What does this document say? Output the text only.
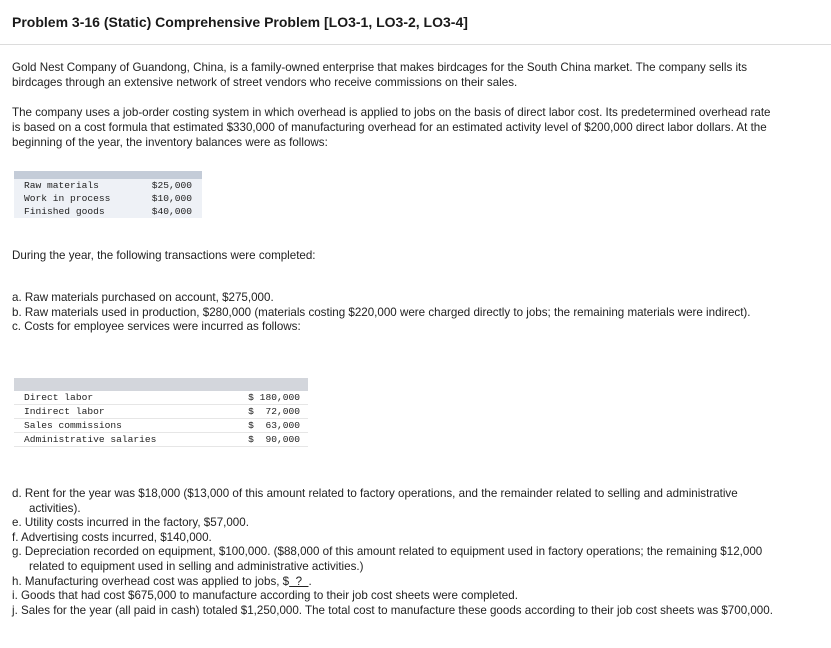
Problem 3-16 (Static) Comprehensive Problem [LO3-1, LO3-2, LO3-4]

Gold Nest Company of Guandong, China, is a family-owned enterprise that makes birdcages for the South China market. The company sells its birdcages through an extensive network of street vendors who receive commissions on their sales.

The company uses a job-order costing system in which overhead is applied to jobs on the basis of direct labor cost. Its predetermined overhead rate is based on a cost formula that estimated $330,000 of manufacturing overhead for an estimated activity level of $200,000 direct labor dollars. At the beginning of the year, the inventory balances were as follows:

Raw materials	$25,000
Work in process	$10,000
Finished goods	$40,000

During the year, the following transactions were completed:

a. Raw materials purchased on account, $275,000.
b. Raw materials used in production, $280,000 (materials costing $220,000 were charged directly to jobs; the remaining materials were indirect).
c. Costs for employee services were incurred as follows:
Direct labor	$ 180,000
Indirect labor	$  72,000
Sales commissions	$  63,000
Administrative salaries	$  90,000
d. Rent for the year was $18,000 ($13,000 of this amount related to factory operations, and the remainder related to selling and administrative activities).
e. Utility costs incurred in the factory, $57,000.
f. Advertising costs incurred, $140,000.
g. Depreciation recorded on equipment, $100,000. ($88,000 of this amount related to equipment used in factory operations; the remaining $12,000 related to equipment used in selling and administrative activities.)
h. Manufacturing overhead cost was applied to jobs, $  ?  .
i. Goods that had cost $675,000 to manufacture according to their job cost sheets were completed.
j. Sales for the year (all paid in cash) totaled $1,250,000. The total cost to manufacture these goods according to their job cost sheets was $700,000.
